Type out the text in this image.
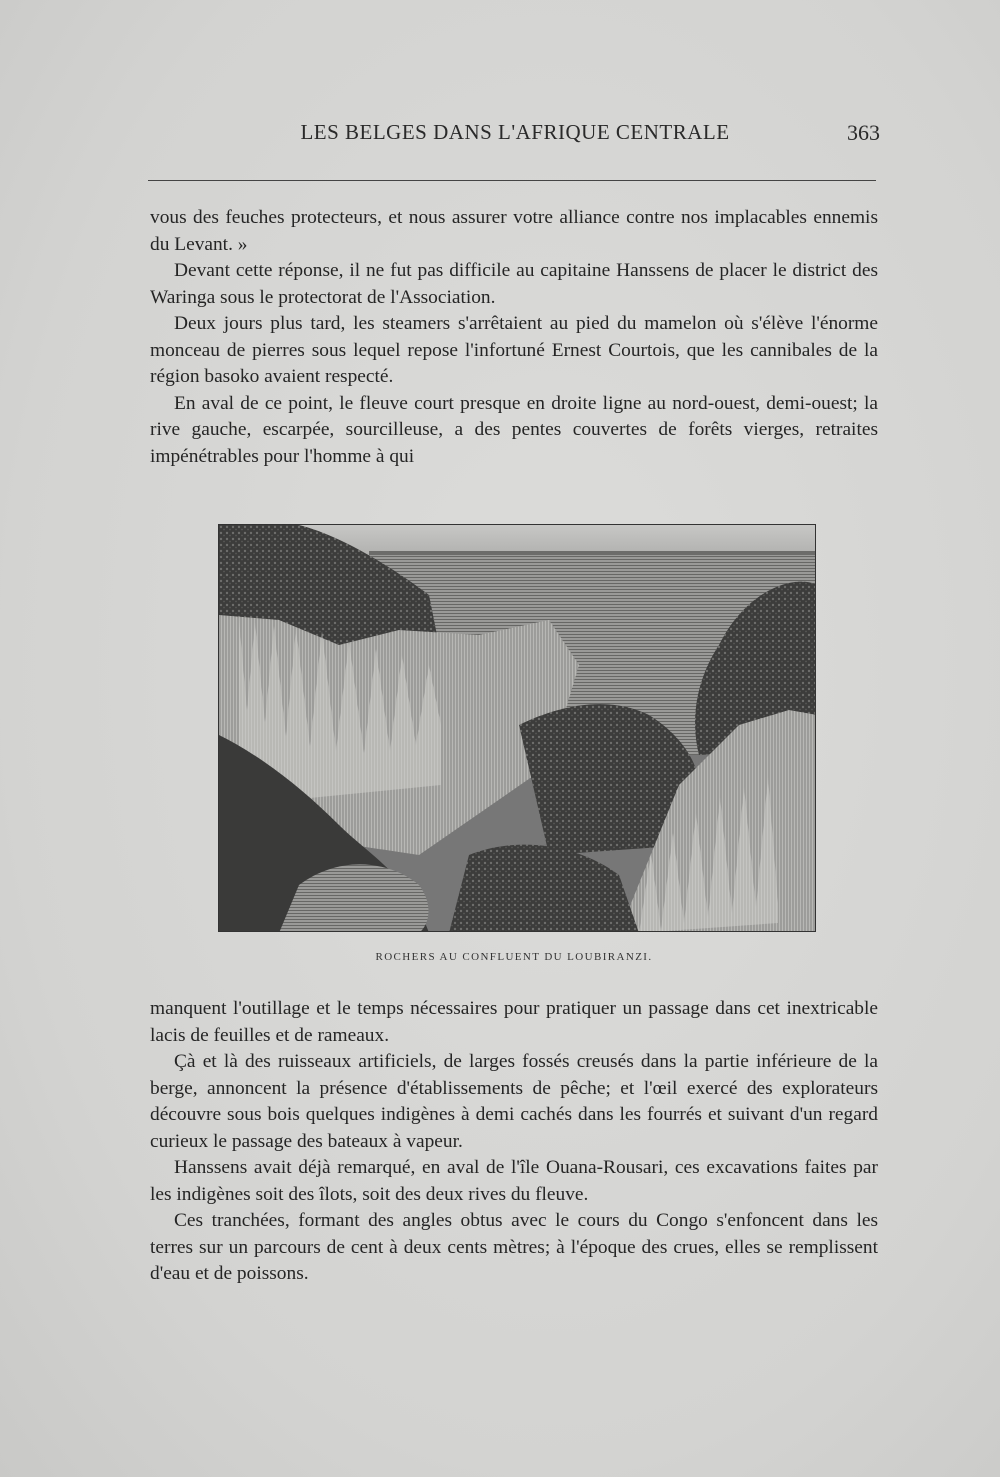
LES BELGES DANS L'AFRIQUE CENTRALE	363

vous des feuches protecteurs, et nous assurer votre alliance contre nos implacables ennemis du Levant. »

Devant cette réponse, il ne fut pas difficile au capitaine Hanssens de placer le district des Waringa sous le protectorat de l'Association.

Deux jours plus tard, les steamers s'arrêtaient au pied du mamelon où s'élève l'énorme monceau de pierres sous lequel repose l'infortuné Ernest Courtois, que les cannibales de la région basoko avaient respecté.

En aval de ce point, le fleuve court presque en droite ligne au nord-ouest, demi-ouest; la rive gauche, escarpée, sourcilleuse, a des pentes couvertes de forêts vierges, retraites impénétrables pour l'homme à qui

ROCHERS AU CONFLUENT DU LOUBIRANZI.

manquent l'outillage et le temps nécessaires pour pratiquer un passage dans cet inextricable lacis de feuilles et de rameaux.

Çà et là des ruisseaux artificiels, de larges fossés creusés dans la partie inférieure de la berge, annoncent la présence d'établissements de pêche; et l'œil exercé des explorateurs découvre sous bois quelques indigènes à demi cachés dans les fourrés et suivant d'un regard curieux le passage des bateaux à vapeur.

Hanssens avait déjà remarqué, en aval de l'île Ouana-Rousari, ces excavations faites par les indigènes soit des îlots, soit des deux rives du fleuve.

Ces tranchées, formant des angles obtus avec le cours du Congo s'enfoncent dans les terres sur un parcours de cent à deux cents mètres; à l'époque des crues, elles se remplissent d'eau et de poissons.
